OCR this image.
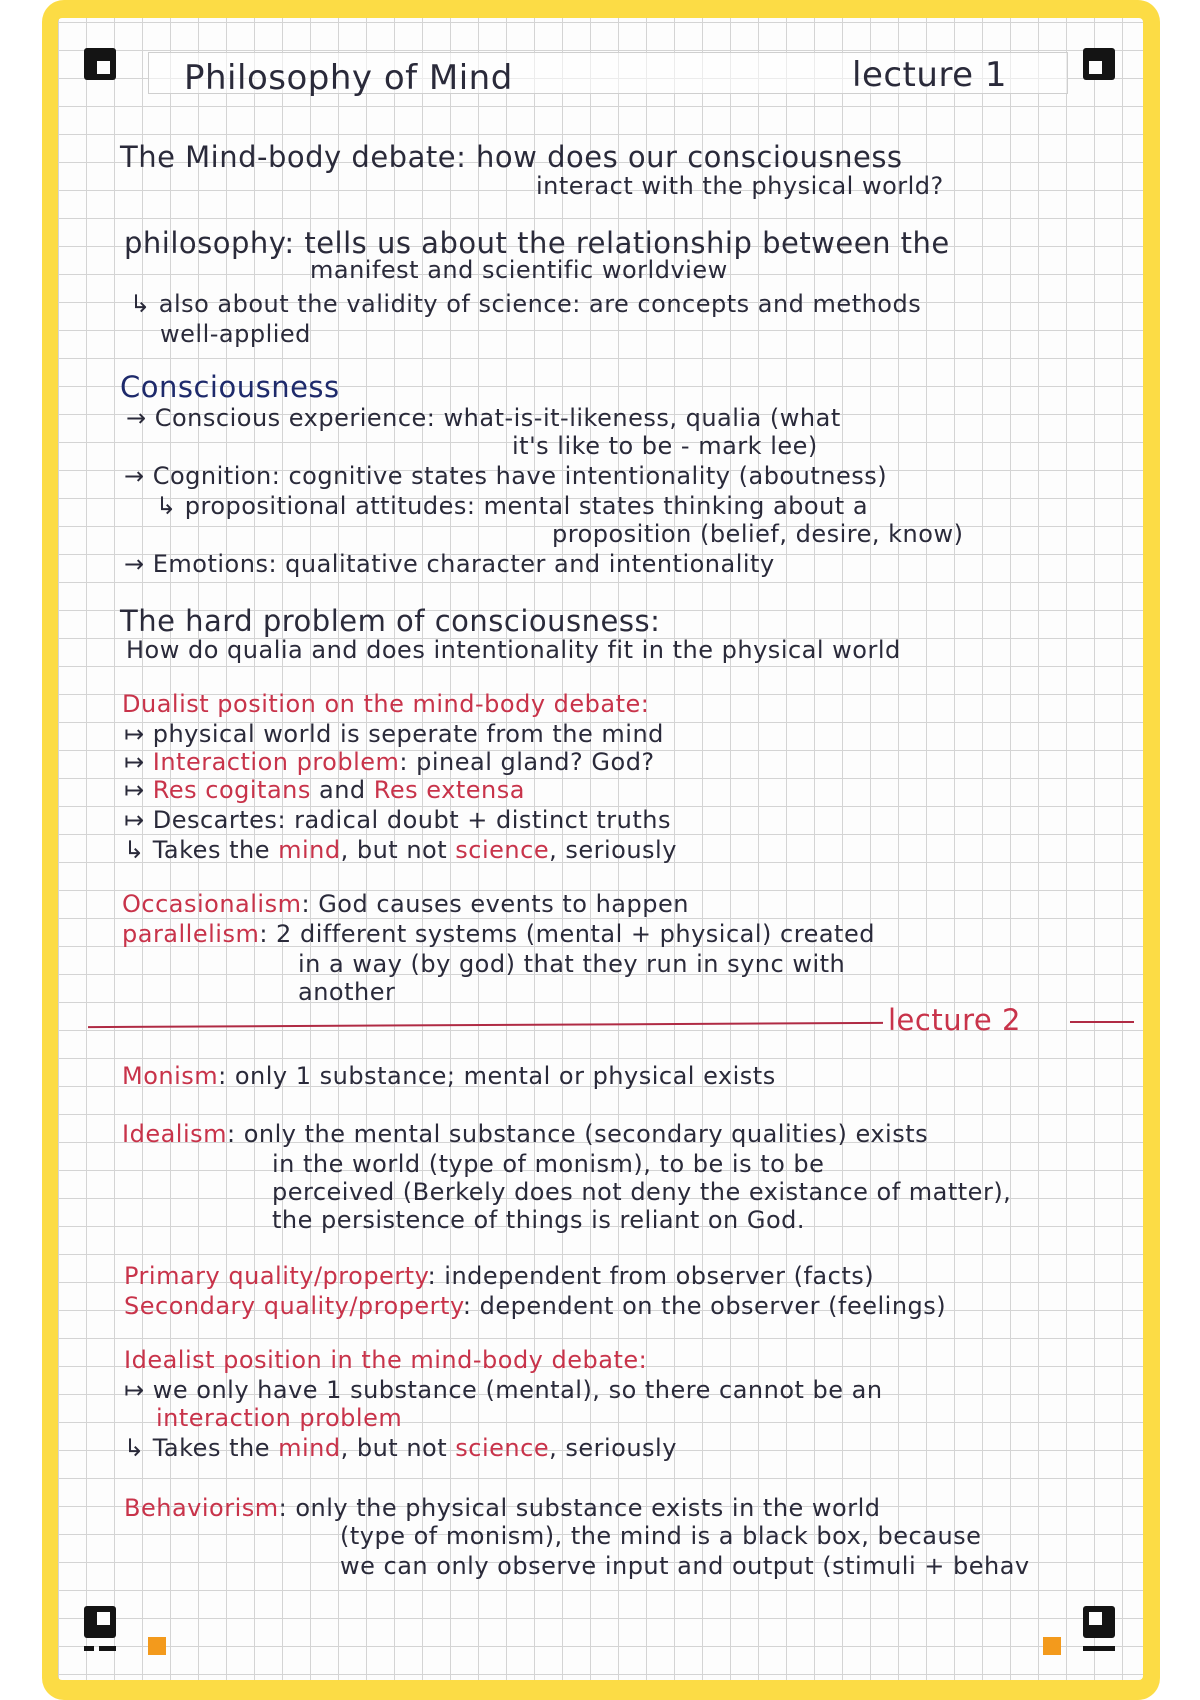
Philosophy of Mind	lecture 1
The Mind-body debate: how does our consciousness
interact with the physical world?
philosophy: tells us about the relationship between the
manifest and scientific worldview
↳ also about the validity of science: are concepts and methods
well-applied
Consciousness
→ Conscious experience: what-is-it-likeness, qualia (what
it's like to be - mark lee)
→ Cognition: cognitive states have intentionality (aboutness)
↳ propositional attitudes: mental states thinking about a
proposition (belief, desire, know)
→ Emotions: qualitative character and intentionality
The hard problem of consciousness:
How do qualia and does intentionality fit in the physical world
Dualist position on the mind-body debate:
↦ physical world is seperate from the mind
↦ Interaction problem: pineal gland? God?
↦ Res cogitans and Res extensa
↦ Descartes: radical doubt + distinct truths
↳ Takes the mind, but not science, seriously
Occasionalism: God causes events to happen
parallelism: 2 different systems (mental + physical) created
in a way (by god) that they run in sync with
another
lecture 2
Monism: only 1 substance; mental or physical exists
Idealism: only the mental substance (secondary qualities) exists
in the world (type of monism), to be is to be
perceived (Berkely does not deny the existance of matter),
the persistence of things is reliant on God.
Primary quality/property: independent from observer (facts)
Secondary quality/property: dependent on the observer (feelings)
Idealist position in the mind-body debate:
↦ we only have 1 substance (mental), so there cannot be an
interaction problem
↳ Takes the mind, but not science, seriously
Behaviorism: only the physical substance exists in the world
(type of monism), the mind is a black box, because
we can only observe input and output (stimuli + behav
